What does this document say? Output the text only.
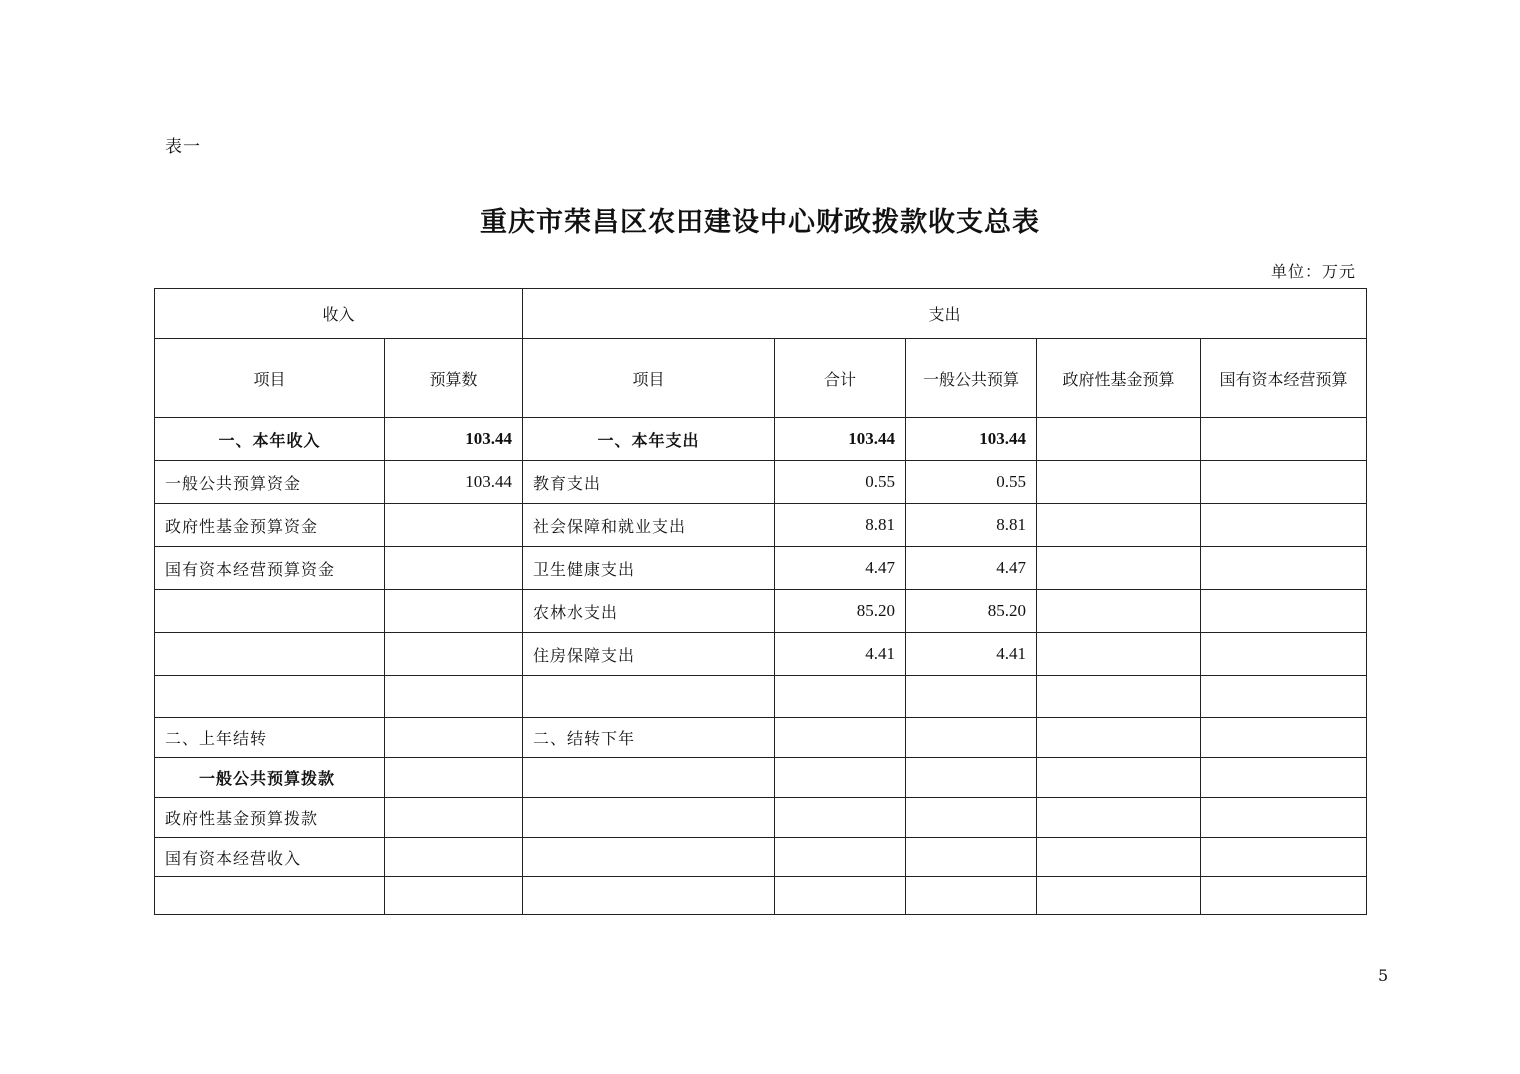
表一
重庆市荣昌区农田建设中心财政拨款收支总表
单位：万元
收入		支出				
项目	预算数	项目	合计	一般公共预算	政府性基金预算	国有资本经营预算
一、本年收入	103.44	一、本年支出	103.44	103.44		
一般公共预算资金	103.44	教育支出	0.55	0.55		
政府性基金预算资金		社会保障和就业支出	8.81	8.81		
国有资本经营预算资金		卫生健康支出	4.47	4.47		
		农林水支出	85.20	85.20		
		住房保障支出	4.41	4.41		

二、上年结转		二、结转下年				
一般公共预算拨款						
政府性基金预算拨款						
国有资本经营收入						

5
